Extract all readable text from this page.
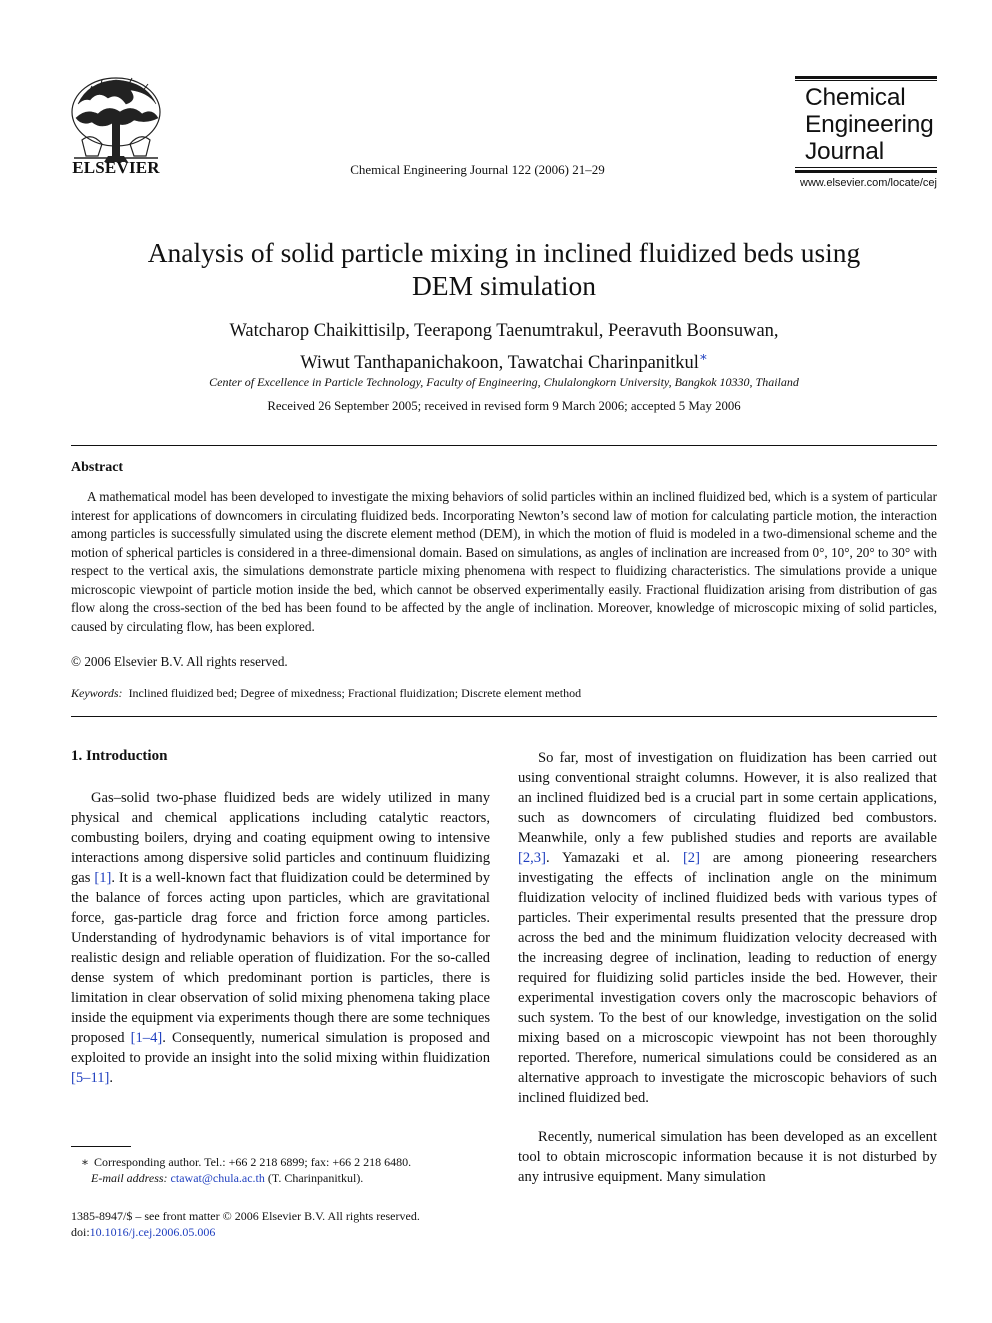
ELSEVIER	Chemical Engineering Journal 122 (2006) 21–29
Chemical
Engineering
Journal
www.elsevier.com/locate/cej
Analysis of solid particle mixing in inclined fluidized beds using
DEM simulation
Watcharop Chaikittisilp, Teerapong Taenumtrakul, Peeravuth Boonsuwan,
Wiwut Tanthapanichakoon, Tawatchai Charinpanitkul∗
Center of Excellence in Particle Technology, Faculty of Engineering, Chulalongkorn University, Bangkok 10330, Thailand
Received 26 September 2005; received in revised form 9 March 2006; accepted 5 May 2006
Abstract

A mathematical model has been developed to investigate the mixing behaviors of solid particles within an inclined fluidized bed, which is a system of particular interest for applications of downcomers in circulating fluidized beds. Incorporating Newton’s second law of motion for calculating particle motion, the interaction among particles is successfully simulated using the discrete element method (DEM), in which the motion of fluid is modeled in a two-dimensional scheme and the motion of spherical particles is considered in a three-dimensional domain. Based on simulations, as angles of inclination are increased from 0°, 10°, 20° to 30° with respect to the vertical axis, the simulations demonstrate particle mixing phenomena with respect to fluidizing characteristics. The simulations provide a unique microscopic viewpoint of particle motion inside the bed, which cannot be observed experimentally easily. Fractional fluidization arising from distribution of gas flow along the cross-section of the bed has been found to be affected by the angle of inclination. Moreover, knowledge of microscopic mixing of solid particles, caused by circulating flow, has been explored.

© 2006 Elsevier B.V. All rights reserved.
Keywords: Inclined fluidized bed; Degree of mixedness; Fractional fluidization; Discrete element method
1. Introduction

Gas–solid two-phase fluidized beds are widely utilized in many physical and chemical applications including catalytic reactors, combusting boilers, drying and coating equipment owing to intensive interactions among dispersive solid particles and continuum fluidizing gas [1]. It is a well-known fact that fluidization could be determined by the balance of forces acting upon particles, which are gravitational force, gas-particle drag force and friction force among particles. Understanding of hydrodynamic behaviors is of vital importance for realistic design and reliable operation of fluidization. For the so-called dense system of which predominant portion is particles, there is limitation in clear observation of solid mixing phenomena taking place inside the equipment via experiments though there are some techniques proposed [1–4]. Consequently, numerical simulation is proposed and exploited to provide an insight into the solid mixing within fluidization [5–11].

So far, most of investigation on fluidization has been carried out using conventional straight columns. However, it is also realized that an inclined fluidized bed is a crucial part in some certain applications, such as downcomers of circulating fluidized bed combustors. Meanwhile, only a few published studies and reports are available [2,3]. Yamazaki et al. [2] are among pioneering researchers investigating the effects of inclination angle on the minimum fluidization velocity of inclined fluidized beds with various types of particles. Their experimental results presented that the pressure drop across the bed and the minimum fluidization velocity decreased with the increasing degree of inclination, leading to reduction of energy required for fluidizing solid particles inside the bed. However, their experimental investigation covers only the macroscopic behaviors of such system. To the best of our knowledge, investigation on the solid mixing based on a microscopic viewpoint has not been thoroughly reported. Therefore, numerical simulations could be considered as an alternative approach to investigate the microscopic behaviors of such inclined fluidized bed.

Recently, numerical simulation has been developed as an excellent tool to obtain microscopic information because it is not disturbed by any intrusive equipment. Many simulation

∗ Corresponding author. Tel.: +66 2 218 6899; fax: +66 2 218 6480.
E-mail address: ctawat@chula.ac.th (T. Charinpanitkul).
1385-8947/$ – see front matter © 2006 Elsevier B.V. All rights reserved.
doi:10.1016/j.cej.2006.05.006
